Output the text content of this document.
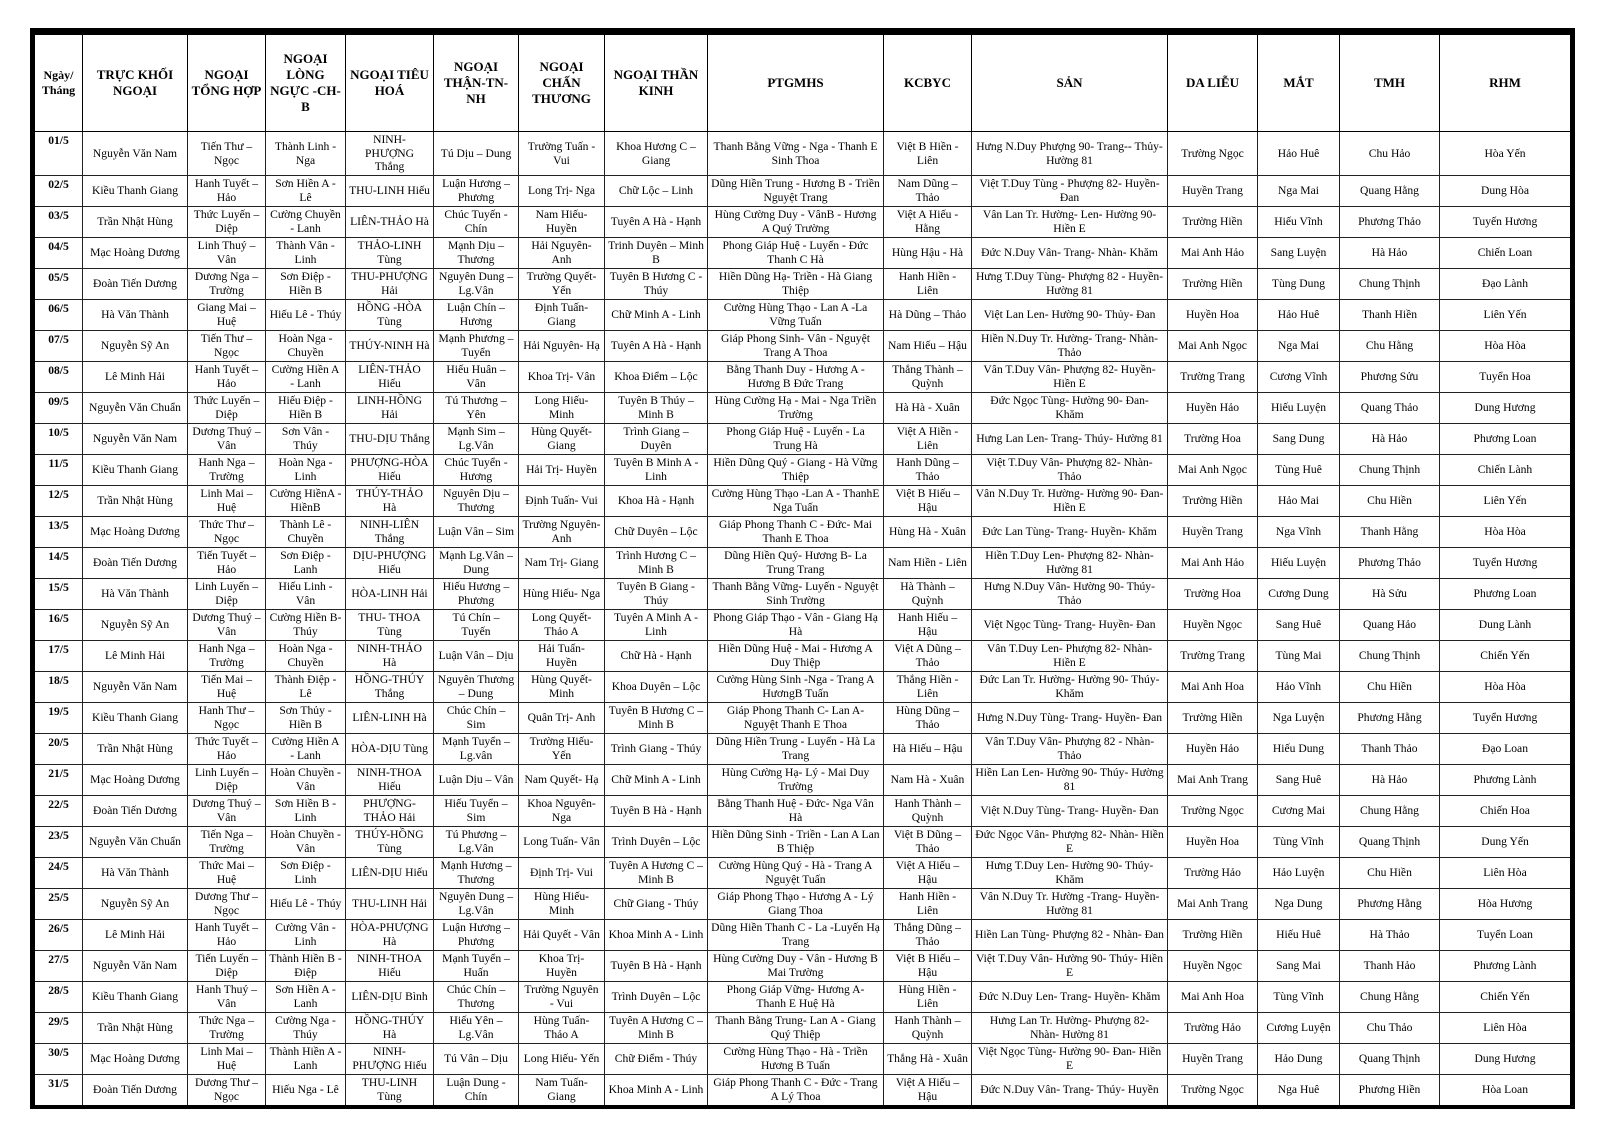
Ngày/ Tháng	TRỰC KHỐI NGOẠI	NGOẠI TỔNG HỢP	NGOẠI LÒNG NGỰC -CH-B	NGOẠI TIÊU HOÁ	NGOẠI THẬN-TN-NH	NGOẠI CHẤN THƯƠNG	NGOẠI THẦN KINH	PTGMHS	KCBYC	SẢN	DA LIỄU	MẮT	TMH	RHM
01/5	Nguyễn Văn Nam	Tiến Thư – Ngọc	Thành Linh - Nga	NINH-PHƯỢNG Thắng	Tú Dịu – Dung	Trường Tuấn - Vui	Khoa Hương C – Giang	Thanh Bằng Vững - Nga - Thanh E Sinh Thoa	Việt B Hiền - Liên	Hưng N.Duy Phượng 90- Trang-- Thủy- Hường 81	Trường Ngọc	Hảo Huê	Chu Hảo	Hòa Yến
02/5	Kiều Thanh Giang	Hanh Tuyết – Hảo	Sơn Hiền A - Lê	THU-LINH Hiếu	Luận Hương – Phương	Long Trị- Nga	Chữ Lộc – Linh	Dũng Hiền Trung - Hương B - Triền Nguyệt Trang	Nam Dũng – Thảo	Việt T.Duy Tùng - Phượng 82- Huyền- Đan	Huyền Trang	Nga Mai	Quang Hằng	Dung Hòa
03/5	Trần Nhật Hùng	Thức Luyến – Diệp	Cường Chuyền - Lanh	LIÊN-THẢO Hà	Chúc Tuyến - Chín	Nam Hiếu- Huyền	Tuyên A Hà - Hạnh	Hùng Cường Duy - VânB - Hương A Quý Trường	Việt A Hiếu - Hằng	Vân Lan Tr. Hường- Len- Hường 90- Hiền E	Trường Hiền	Hiếu Vĩnh	Phương Thảo	Tuyến Hương
04/5	Mạc Hoàng Dương	Linh Thuý – Vân	Thành Vân - Linh	THẢO-LINH Tùng	Mạnh Dịu – Thương	Hải Nguyên- Anh	Trinh Duyên – Minh B	Phong Giáp Huệ - Luyến - Đức Thanh C Hà	Hùng Hậu - Hà	Đức N.Duy Vân- Trang- Nhàn- Khăm	Mai Anh Hảo	Sang Luyện	Hà Hảo	Chiến Loan
05/5	Đoàn Tiến Dương	Dương Nga – Trường	Sơn Điệp - Hiền B	THU-PHƯỢNG Hải	Nguyên Dung – Lg.Vân	Trường Quyết- Yến	Tuyên B Hương C - Thúy	Hiền Dũng Hạ- Triền - Hà Giang Thiệp	Hanh Hiền - Liên	Hưng T.Duy Tùng- Phượng 82 - Huyền- Hường 81	Trường Hiền	Tùng Dung	Chung Thịnh	Đạo Lành
06/5	Hà Văn Thành	Giang Mai – Huệ	Hiếu Lê - Thúy	HỒNG -HÒA Tùng	Luận Chín – Hương	Định Tuấn- Giang	Chữ Minh A - Linh	Cường Hùng Thạo - Lan A -La Vững Tuấn	Hà Dũng – Thảo	Việt Lan Len- Hường 90- Thủy- Đan	Huyền Hoa	Hảo Huê	Thanh Hiền	Liên Yến
07/5	Nguyễn Sỹ An	Tiến Thư – Ngọc	Hoàn Nga - Chuyền	THÚY-NINH Hà	Mạnh Phương – Tuyển	Hải Nguyên- Hạ	Tuyên A Hà - Hạnh	Giáp Phong Sinh- Vân - Nguyệt Trang A Thoa	Nam Hiếu – Hậu	Hiền N.Duy Tr. Hường- Trang- Nhàn- Thảo	Mai Anh Ngọc	Nga Mai	Chu Hằng	Hòa Hòa
08/5	Lê Minh Hải	Hanh Tuyết – Hảo	Cường Hiền A - Lanh	LIÊN-THẢO Hiếu	Hiếu Huân – Vân	Khoa Trị- Vân	Khoa Điểm – Lộc	Bằng Thanh Duy - Hương A - Hương B Đức Trang	Thắng Thành – Quỳnh	Vân T.Duy Vân- Phượng 82- Huyền- Hiền E	Trường Trang	Cương Vĩnh	Phương Sửu	Tuyển Hoa
09/5	Nguyễn Văn Chuẩn	Thức Luyến – Diệp	Hiếu Điệp - Hiền B	LINH-HỒNG Hải	Tú Thương – Yên	Long Hiếu- Minh	Tuyên B Thúy – Minh B	Hùng Cường Hạ - Mai - Nga Triền Trường	Hà Hà - Xuân	Đức Ngọc Tùng- Hường 90- Đan- Khăm	Huyền Hảo	Hiếu Luyện	Quang Thảo	Dung Hương
10/5	Nguyễn Văn Nam	Dương Thuý – Vân	Sơn Vân - Thúy	THU-DỊU Thắng	Mạnh Sim – Lg.Vân	Hùng Quyết- Giang	Trình Giang – Duyên	Phong Giáp Huệ - Luyến - La Trung Hà	Việt A Hiền - Liên	Hưng Lan Len- Trang- Thúy- Hường 81	Trường Hoa	Sang Dung	Hà Hảo	Phương Loan
11/5	Kiều Thanh Giang	Hanh Nga – Trường	Hoàn Nga - Linh	PHƯỢNG-HÒA Hiếu	Chúc Tuyển - Hương	Hải Trị- Huyền	Tuyên B Minh A - Linh	Hiền Dũng Quý - Giang - Hà Vững Thiệp	Hanh Dũng – Thảo	Việt T.Duy Vân- Phượng 82- Nhàn- Thảo	Mai Anh Ngọc	Tùng Huê	Chung Thịnh	Chiến Lành
12/5	Trần Nhật Hùng	Linh Mai – Huệ	Cường HiềnA - HiềnB	THÚY-THẢO Hà	Nguyên Dịu – Thương	Định Tuấn- Vui	Khoa Hà - Hạnh	Cường Hùng Thạo -Lan A - ThanhE Nga Tuấn	Việt B Hiếu – Hậu	Vân N.Duy Tr. Hường- Hường 90- Đan- Hiền E	Trường Hiền	Hảo Mai	Chu Hiền	Liên Yến
13/5	Mạc Hoàng Dương	Thức Thư – Ngọc	Thành Lê - Chuyền	NINH-LIÊN Thắng	Luận Vân – Sim	Trường Nguyên- Anh	Chữ Duyên – Lộc	Giáp Phong Thanh C - Đức- Mai Thanh E Thoa	Hùng Hà - Xuân	Đức Lan Tùng- Trang- Huyền- Khăm	Huyền Trang	Nga Vĩnh	Thanh Hằng	Hòa Hòa
14/5	Đoàn Tiến Dương	Tiến Tuyết – Hảo	Sơn Điệp - Lanh	DỊU-PHƯỢNG Hiếu	Mạnh Lg.Vân – Dung	Nam Trị- Giang	Trình Hương C – Minh B	Dũng Hiền Quý- Hương B- La Trung Trang	Nam Hiền - Liên	Hiền T.Duy Len- Phượng 82- Nhàn- Hường 81	Mai Anh Hảo	Hiếu Luyện	Phương Thảo	Tuyển Hương
15/5	Hà Văn Thành	Linh Luyến – Diệp	Hiếu Linh - Vân	HÒA-LINH Hải	Hiếu Hương – Phương	Hùng Hiếu- Nga	Tuyên B Giang - Thúy	Thanh Bằng Vững- Luyến - Nguyệt Sinh Trường	Hà Thành – Quỳnh	Hưng N.Duy Vân- Hường 90- Thúy- Thảo	Trường Hoa	Cương Dung	Hà Sửu	Phương Loan
16/5	Nguyễn Sỹ An	Dương Thuý – Vân	Cường Hiền B- Thúy	THU- THOA Tùng	Tú Chín – Tuyến	Long Quyết- Thảo A	Tuyên A Minh A - Linh	Phong Giáp Thạo - Vân - Giang Hạ Hà	Hanh Hiếu – Hậu	Việt Ngọc Tùng- Trang- Huyền- Đan	Huyền Ngọc	Sang Huê	Quang Hảo	Dung Lành
17/5	Lê Minh Hải	Hanh Nga – Trường	Hoàn Nga - Chuyền	NINH-THẢO Hà	Luận Vân – Dịu	Hải Tuấn- Huyền	Chữ Hà - Hạnh	Hiền Dũng Huệ - Mai - Hương A Duy Thiệp	Việt A Dũng – Thảo	Vân T.Duy Len- Phượng 82- Nhàn- Hiền E	Trường Trang	Tùng Mai	Chung Thịnh	Chiến Yến
18/5	Nguyễn Văn Nam	Tiến Mai – Huệ	Thành Điệp - Lê	HỒNG-THÚY Thắng	Nguyên Thương – Dung	Hùng Quyết- Minh	Khoa Duyên – Lộc	Cường Hùng Sinh -Nga - Trang A HươngB Tuấn	Thắng Hiền - Liên	Đức Lan Tr. Hường- Hường 90- Thúy- Khăm	Mai Anh Hoa	Hảo Vĩnh	Chu Hiền	Hòa Hòa
19/5	Kiều Thanh Giang	Hanh Thư – Ngọc	Sơn Thủy - Hiền B	LIÊN-LINH Hà	Chúc Chín – Sim	Quân Trị- Anh	Tuyên B Hương C – Minh B	Giáp Phong Thanh C- Lan A- Nguyệt Thanh E Thoa	Hùng Dũng – Thảo	Hưng N.Duy Tùng- Trang- Huyền- Đan	Trường Hiền	Nga Luyện	Phương Hằng	Tuyển Hương
20/5	Trần Nhật Hùng	Thức Tuyết – Hảo	Cường Hiền A - Lanh	HÒA-DỊU Tùng	Mạnh Tuyển – Lg.vân	Trường Hiếu- Yến	Trình Giang - Thúy	Dũng Hiền Trung - Luyến - Hà La Trang	Hà Hiếu – Hậu	Vân T.Duy Vân- Phượng 82 - Nhàn- Thảo	Huyền Hảo	Hiếu Dung	Thanh Thảo	Đạo Loan
21/5	Mạc Hoàng Dương	Linh Luyến – Diệp	Hoàn Chuyền - Vân	NINH-THOA Hiếu	Luận Dịu – Vân	Nam Quyết- Hạ	Chữ Minh A - Linh	Hùng Cường Hạ- Lý - Mai Duy Trường	Nam Hà - Xuân	Hiền Lan Len- Hường 90- Thúy- Hường 81	Mai Anh Trang	Sang Huê	Hà Hảo	Phương Lành
22/5	Đoàn Tiến Dương	Dương Thuý – Vân	Sơn Hiền B - Linh	PHƯỢNG- THẢO Hải	Hiếu Tuyển – Sim	Khoa Nguyên- Nga	Tuyên B Hà - Hạnh	Bằng Thanh Huệ - Đức- Nga Vân Hà	Hanh Thành – Quỳnh	Việt N.Duy Tùng- Trang- Huyền- Đan	Trường Ngọc	Cương Mai	Chung Hằng	Chiến Hoa
23/5	Nguyễn Văn Chuẩn	Tiến Nga – Trường	Hoàn Chuyền - Vân	THÚY-HỒNG Tùng	Tú Phương – Lg.Vân	Long Tuấn- Vân	Trình Duyên – Lộc	Hiền Dũng Sinh - Triền - Lan A Lan B Thiệp	Việt B Dũng – Thảo	Đức Ngọc Vân- Phượng 82- Nhàn- Hiền E	Huyền Hoa	Tùng Vĩnh	Quang Thịnh	Dung Yến
24/5	Hà Văn Thành	Thức Mai – Huệ	Sơn Điệp - Linh	LIÊN-DỊU Hiếu	Mạnh Hương – Thương	Định Trị- Vui	Tuyên A Hương C – Minh B	Cường Hùng Quý - Hà - Trang A Nguyệt Tuấn	Việt A Hiếu – Hậu	Hưng T.Duy Len- Hường 90- Thúy- Khăm	Trường Hảo	Hảo Luyện	Chu Hiền	Liên Hòa
25/5	Nguyễn Sỹ An	Dương Thư – Ngọc	Hiếu Lê - Thúy	THU-LINH Hải	Nguyên Dung – Lg.Vân	Hùng Hiếu- Minh	Chữ Giang - Thúy	Giáp Phong Thạo - Hương A - Lý Giang Thoa	Hanh Hiền - Liên	Vân N.Duy Tr. Hường -Trang- Huyền- Hường 81	Mai Anh Trang	Nga Dung	Phương Hằng	Hòa Hương
26/5	Lê Minh Hải	Hanh Tuyết – Hảo	Cường Vân - Linh	HÒA-PHƯỢNG Hà	Luận Hương – Phương	Hải Quyết - Vân	Khoa Minh A - Linh	Dũng Hiền Thanh C - La -Luyến Hạ Trang	Thắng Dũng – Thảo	Hiền Lan Tùng- Phượng 82 - Nhàn- Đan	Trường Hiền	Hiếu Huê	Hà Thảo	Tuyển Loan
27/5	Nguyễn Văn Nam	Tiến Luyến – Diệp	Thành Hiền B - Điệp	NINH-THOA Hiếu	Mạnh Tuyển – Huấn	Khoa Trị- Huyền	Tuyên B Hà - Hạnh	Hùng Cường Duy - Vân - Hương B Mai Trường	Việt B Hiếu – Hậu	Việt T.Duy Vân- Hường 90- Thúy- Hiền E	Huyền Ngọc	Sang Mai	Thanh Hảo	Phương Lành
28/5	Kiều Thanh Giang	Hanh Thuý – Vân	Sơn Hiền A - Lanh	LIÊN-DỊU Bình	Chúc Chín – Thương	Trường Nguyên - Vui	Trình Duyên – Lộc	Phong Giáp Vững- Hương A- Thanh E Huệ Hà	Hùng Hiền - Liên	Đức N.Duy Len- Trang- Huyền- Khăm	Mai Anh Hoa	Tùng Vĩnh	Chung Hằng	Chiến Yến
29/5	Trần Nhật Hùng	Thức Nga – Trường	Cường Nga - Thúy	HỒNG-THÚY Hà	Hiếu Yên – Lg.Vân	Hùng Tuấn- Thảo A	Tuyên A Hương C – Minh B	Thanh Bằng Trung- Lan A - Giang Quý Thiệp	Hanh Thành – Quỳnh	Hưng Lan Tr. Hường- Phượng 82- Nhàn- Hường 81	Trường Hảo	Cương Luyện	Chu Thảo	Liên Hòa
30/5	Mạc Hoàng Dương	Linh Mai – Huệ	Thành Hiền A - Lanh	NINH-PHƯỢNG Hiếu	Tú Vân – Dịu	Long Hiếu- Yến	Chữ Điểm - Thúy	Cường Hùng Thạo - Hà - Triền Hương B Tuấn	Thắng Hà - Xuân	Việt Ngọc Tùng- Hường 90- Đan- Hiền E	Huyền Trang	Hảo Dung	Quang Thịnh	Dung Hương
31/5	Đoàn Tiến Dương	Dương Thư – Ngọc	Hiếu Nga - Lê	THU-LINH Tùng	Luận Dung - Chín	Nam Tuấn- Giang	Khoa Minh A - Linh	Giáp Phong Thanh C - Đức - Trang A Lý Thoa	Việt A Hiếu – Hậu	Đức N.Duy Vân- Trang- Thúy- Huyền	Trường Ngọc	Nga Huê	Phương Hiền	Hòa Loan
